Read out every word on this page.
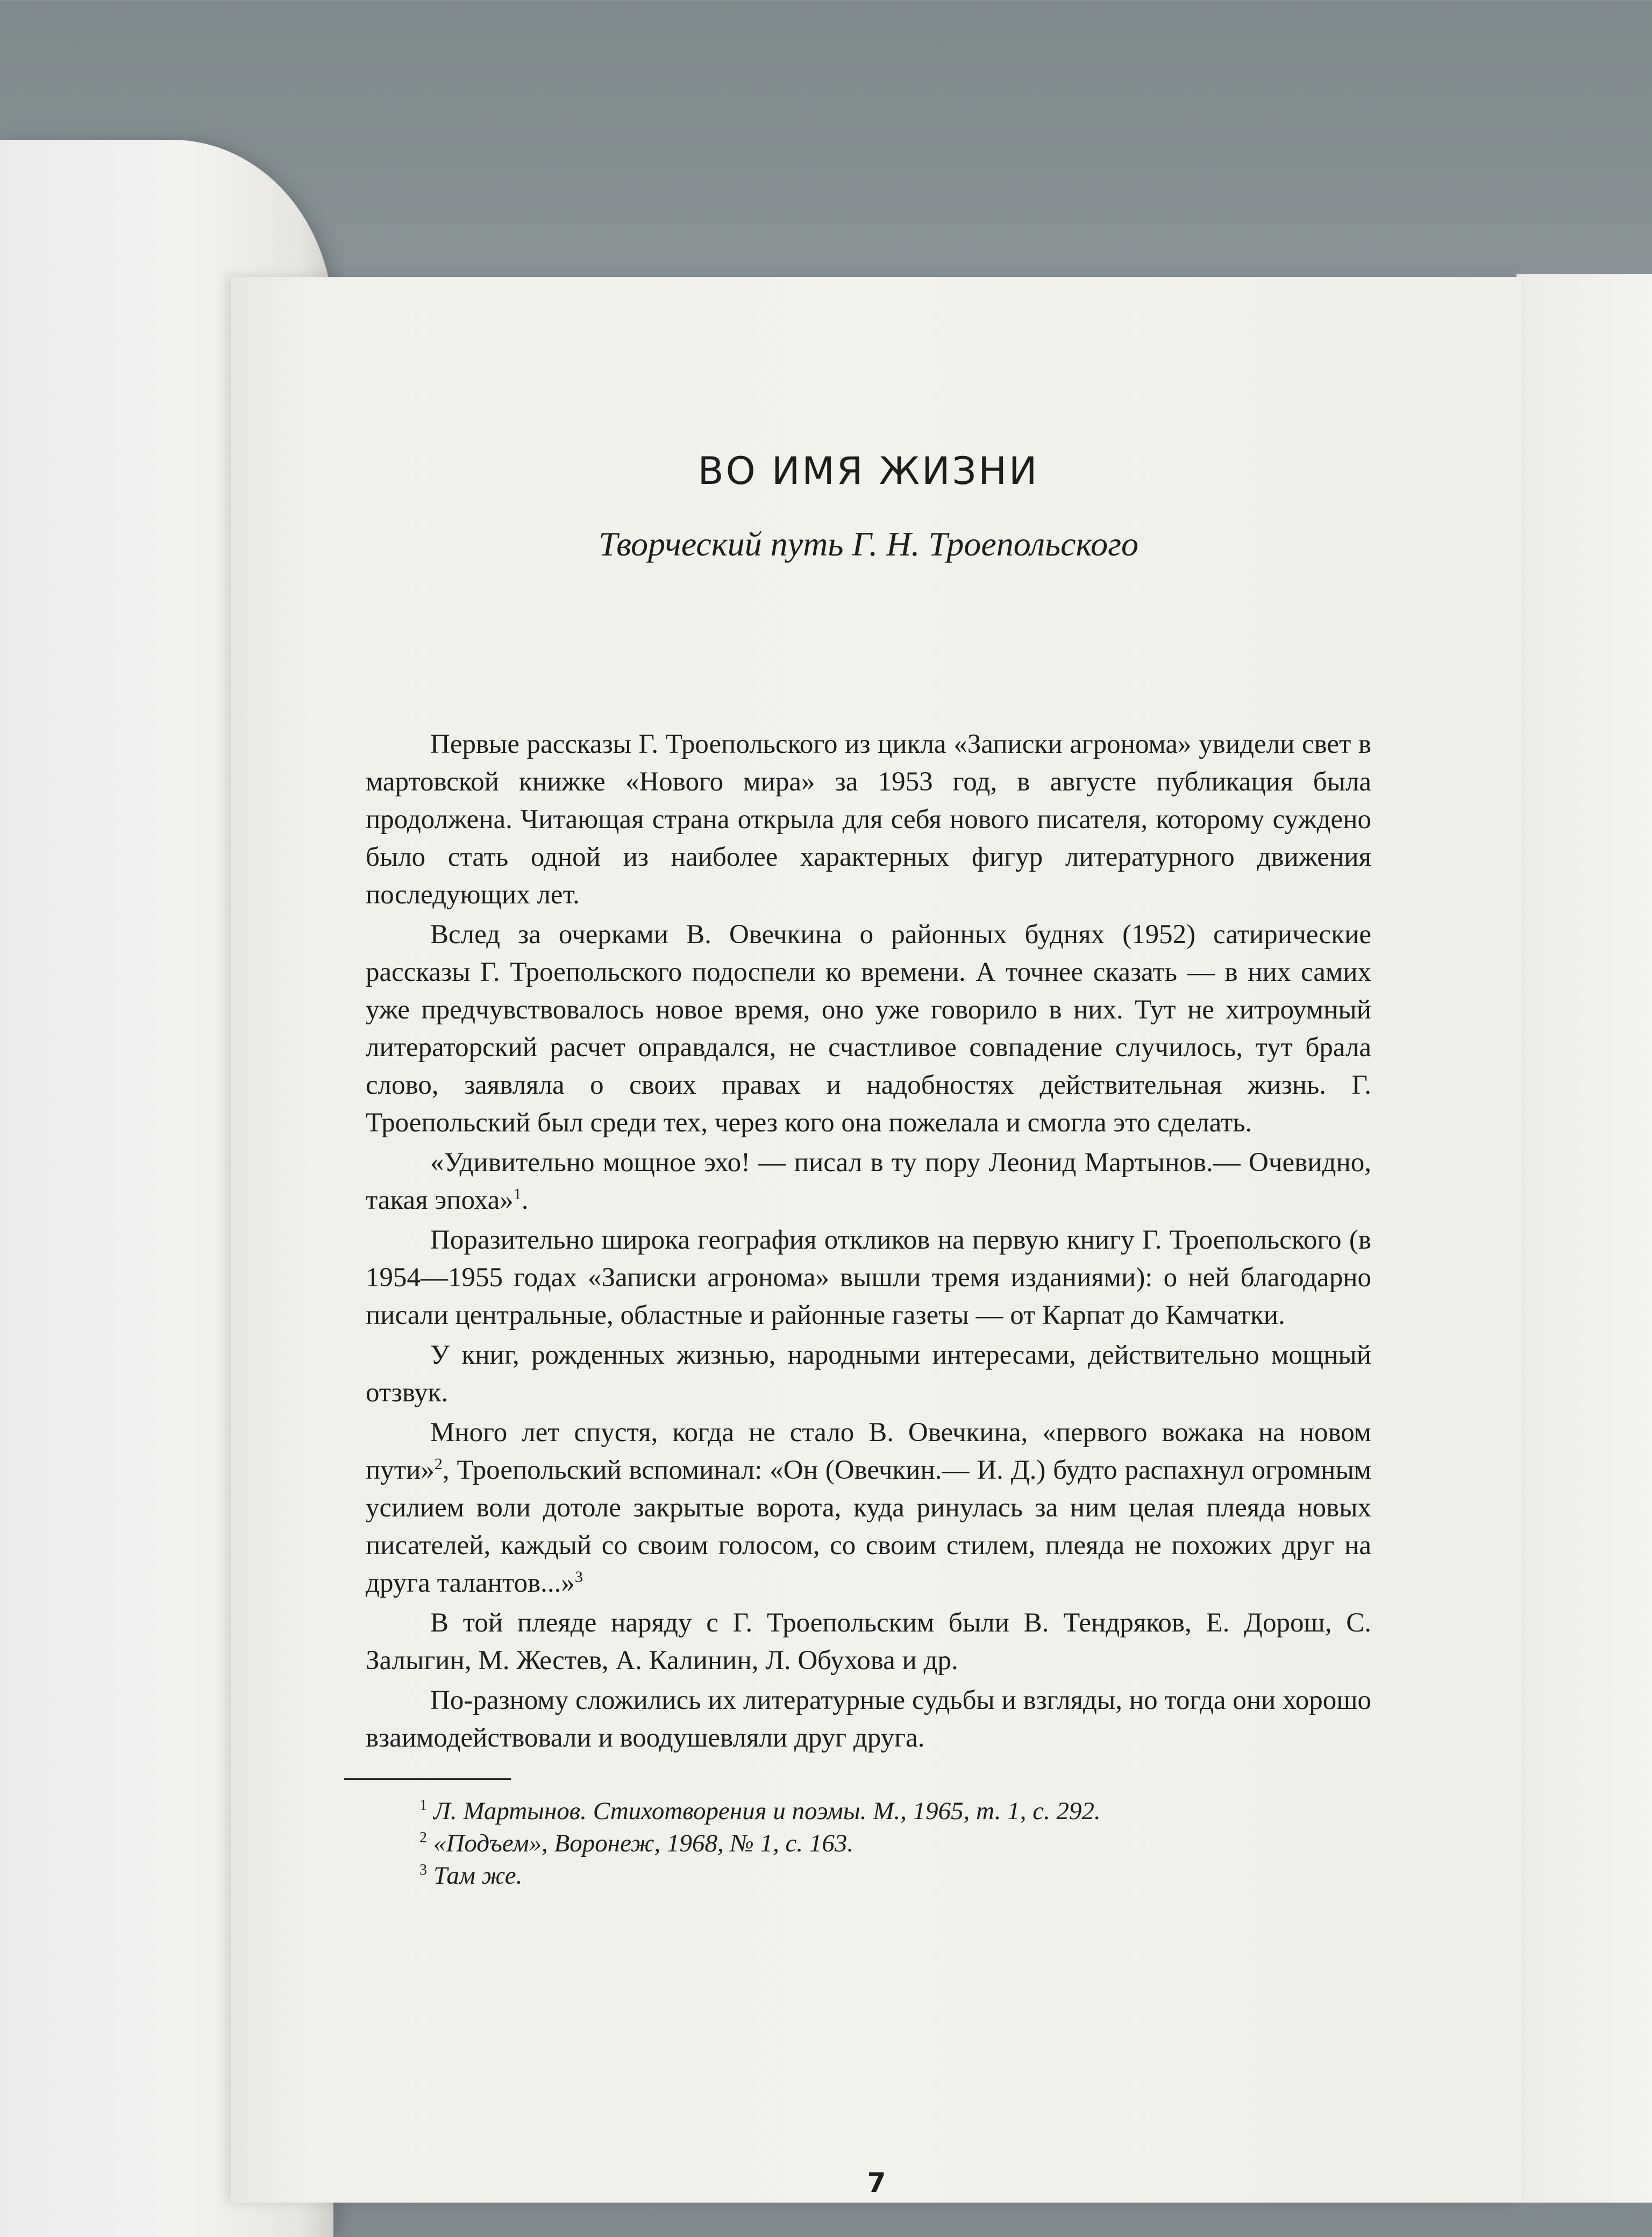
ВО ИМЯ ЖИЗНИ
Творческий путь Г. Н. Троепольского

Первые рассказы Г. Троепольского из цикла «Записки агронома» увидели свет в мартовской книжке «Нового мира» за 1953 год, в августе публикация была продолжена. Читающая страна открыла для себя нового писателя, которому суждено было стать одной из наиболее характерных фигур литературного движения последующих лет.

Вслед за очерками В. Овечкина о районных буднях (1952) сатирические рассказы Г. Троепольского подоспели ко времени. А точнее сказать — в них самих уже предчувствовалось новое время, оно уже говорило в них. Тут не хитроумный литераторский расчет оправдался, не счастливое совпадение случилось, тут брала слово, заявляла о своих правах и надобностях действительная жизнь. Г. Троепольский был среди тех, через кого она пожелала и смогла это сделать.

«Удивительно мощное эхо! — писал в ту пору Леонид Мартынов.— Очевидно, такая эпоха»$^1$.

Поразительно широка география откликов на первую книгу Г. Троепольского (в 1954—1955 годах «Записки агронома» вышли тремя изданиями): о ней благодарно писали центральные, областные и районные газеты — от Карпат до Камчатки.

У книг, рожденных жизнью, народными интересами, действительно мощный отзвук.

Много лет спустя, когда не стало В. Овечкина, «первого вожака на новом пути»$^2$, Троепольский вспоминал: «Он (Овечкин.— И. Д.) будто распахнул огромным усилием воли дотоле закрытые ворота, куда ринулась за ним целая плеяда новых писателей, каждый со своим голосом, со своим стилем, плеяда не похожих друг на друга талантов...»$^3$

В той плеяде наряду с Г. Троепольским были В. Тендряков, Е. Дорош, С. Залыгин, М. Жестев, А. Калинин, Л. Обухова и др.

По-разному сложились их литературные судьбы и взгляды, но тогда они хорошо взаимодействовали и воодушевляли друг друга.

$^1$ Л. Мартынов. Стихотворения и поэмы. М., 1965, т. 1, с. 292.

$^2$ «Подъем», Воронеж, 1968, № 1, с. 163.

$^3$ Там же.

7
